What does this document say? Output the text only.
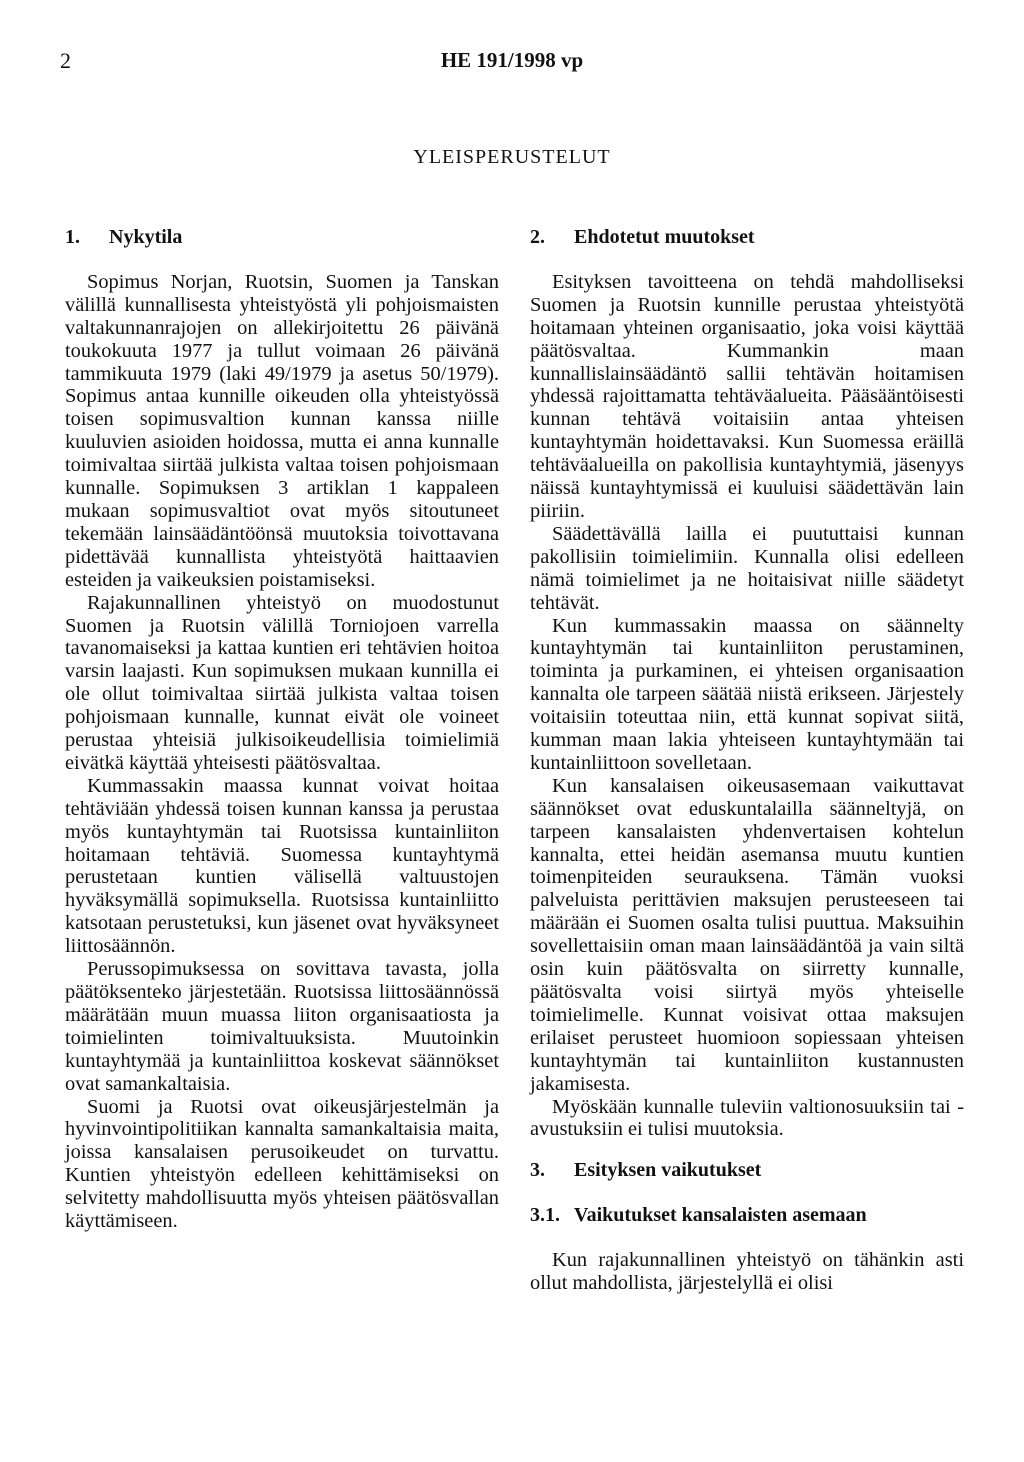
2	HE 191/1998 vp
YLEISPERUSTELUT
1. Nykytila

Sopimus Norjan, Ruotsin, Suomen ja Tanskan välillä kunnallisesta yhteistyöstä yli pohjoismaisten valtakunnanrajojen on allekirjoitettu 26 päivänä toukokuuta 1977 ja tullut voimaan 26 päivänä tammikuuta 1979 (laki 49/1979 ja asetus 50/1979). Sopimus antaa kunnille oikeuden olla yhteistyössä toisen sopimusvaltion kunnan kanssa niille kuuluvien asioiden hoidossa, mutta ei anna kunnalle toimivaltaa siirtää julkista valtaa toisen pohjoismaan kunnalle. Sopimuksen 3 artiklan 1 kappaleen mukaan sopimusvaltiot ovat myös sitoutuneet tekemään lainsäädäntöönsä muutoksia toivottavana pidettävää kunnallista yhteistyötä haittaavien esteiden ja vaikeuksien poistamiseksi.

Rajakunnallinen yhteistyö on muodostunut Suomen ja Ruotsin välillä Torniojoen varrella tavanomaiseksi ja kattaa kuntien eri tehtävien hoitoa varsin laajasti. Kun sopimuksen mukaan kunnilla ei ole ollut toimivaltaa siirtää julkista valtaa toisen pohjoismaan kunnalle, kunnat eivät ole voineet perustaa yhteisiä julkisoikeudellisia toimielimiä eivätkä käyttää yhteisesti päätösvaltaa.

Kummassakin maassa kunnat voivat hoitaa tehtäviään yhdessä toisen kunnan kanssa ja perustaa myös kuntayhtymän tai Ruotsissa kuntainliiton hoitamaan tehtäviä. Suomessa kuntayhtymä perustetaan kuntien välisellä valtuustojen hyväksymällä sopimuksella. Ruotsissa kuntainliitto katsotaan perustetuksi, kun jäsenet ovat hyväksyneet liittosäännön.

Perussopimuksessa on sovittava tavasta, jolla päätöksenteko järjestetään. Ruotsissa liittosäännössä määrätään muun muassa liiton organisaatiosta ja toimielinten toimivaltuuksista. Muutoinkin kuntayhtymää ja kuntainliittoa koskevat säännökset ovat samankaltaisia.

Suomi ja Ruotsi ovat oikeusjärjestelmän ja hyvinvointipolitiikan kannalta samankaltaisia maita, joissa kansalaisen perusoikeudet on turvattu. Kuntien yhteistyön edelleen kehittämiseksi on selvitetty mahdollisuutta myös yhteisen päätösvallan käyttämiseen.

2. Ehdotetut muutokset

Esityksen tavoitteena on tehdä mahdolliseksi Suomen ja Ruotsin kunnille perustaa yhteistyötä hoitamaan yhteinen organisaatio, joka voisi käyttää päätösvaltaa. Kummankin maan kunnallislainsäädäntö sallii tehtävän hoitamisen yhdessä rajoittamatta tehtäväalueita. Pääsääntöisesti kunnan tehtävä voitaisiin antaa yhteisen kuntayhtymän hoidettavaksi. Kun Suomessa eräillä tehtäväalueilla on pakollisia kuntayhtymiä, jäsenyys näissä kuntayhtymissä ei kuuluisi säädettävän lain piiriin.

Säädettävällä lailla ei puututtaisi kunnan pakollisiin toimielimiin. Kunnalla olisi edelleen nämä toimielimet ja ne hoitaisivat niille säädetyt tehtävät.

Kun kummassakin maassa on säännelty kuntayhtymän tai kuntainliiton perustaminen, toiminta ja purkaminen, ei yhteisen organisaation kannalta ole tarpeen säätää niistä erikseen. Järjestely voitaisiin toteuttaa niin, että kunnat sopivat siitä, kumman maan lakia yhteiseen kuntayhtymään tai kuntainliittoon sovelletaan.

Kun kansalaisen oikeusasemaan vaikuttavat säännökset ovat eduskuntalailla säänneltyjä, on tarpeen kansalaisten yhdenvertaisen kohtelun kannalta, ettei heidän asemansa muutu kuntien toimenpiteiden seurauksena. Tämän vuoksi palveluista perittävien maksujen perusteeseen tai määrään ei Suomen osalta tulisi puuttua. Maksuihin sovellettaisiin oman maan lainsäädäntöä ja vain siltä osin kuin päätösvalta on siirretty kunnalle, päätösvalta voisi siirtyä myös yhteiselle toimielimelle. Kunnat voisivat ottaa maksujen erilaiset perusteet huomioon sopiessaan yhteisen kuntayhtymän tai kuntainliiton kustannusten jakamisesta.

Myöskään kunnalle tuleviin valtionosuuksiin tai -avustuksiin ei tulisi muutoksia.

3. Esityksen vaikutukset
3.1. Vaikutukset kansalaisten asemaan

Kun rajakunnallinen yhteistyö on tähänkin asti ollut mahdollista, järjestelyllä ei olisi
